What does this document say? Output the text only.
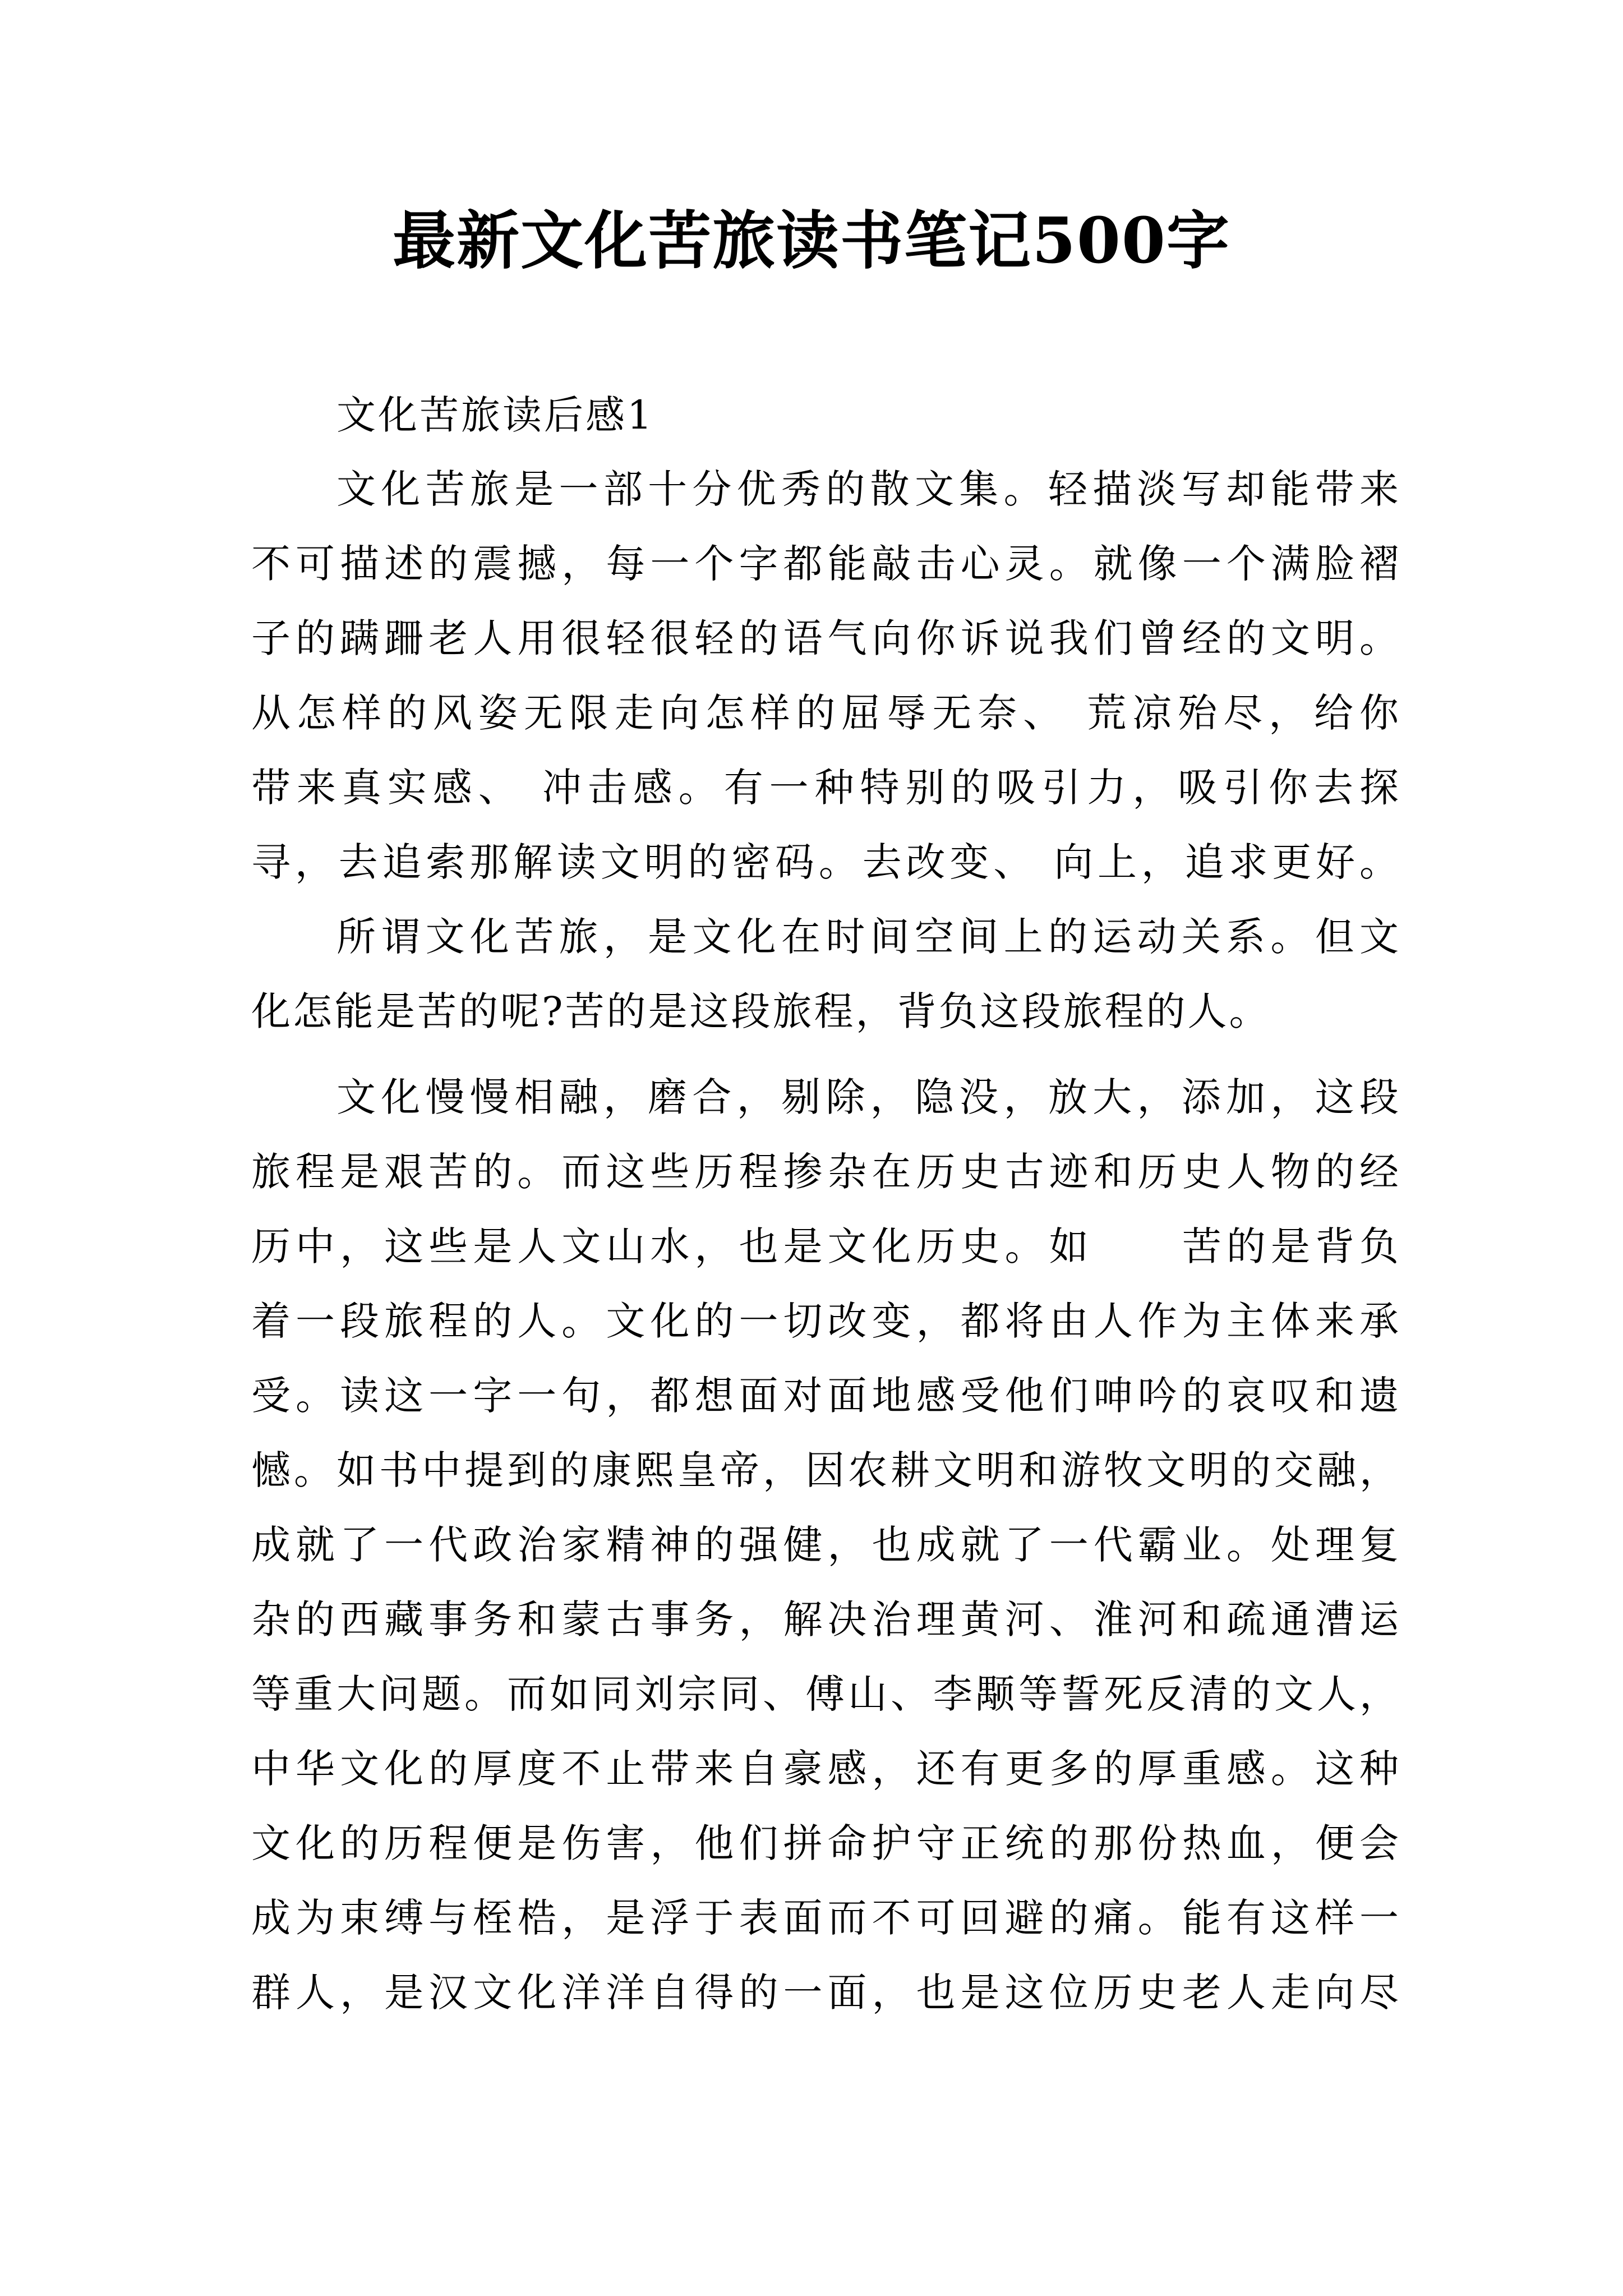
最新文化苦旅读书笔记500字
文化苦旅读后感1
文化苦旅是一部十分优秀的散文集。轻描淡写却能带来
不可描述的震撼，每一个字都能敲击心灵。就像一个满脸褶
子的蹒跚老人用很轻很轻的语气向你诉说我们曾经的文明。
从怎样的风姿无限走向怎样的屈辱无奈、 荒凉殆尽，给你
带来真实感、 冲击感。有一种特别的吸引力，吸引你去探
寻，去追索那解读文明的密码。去改变、 向上，追求更好。
所谓文化苦旅，是文化在时间空间上的运动关系。但文
化怎能是苦的呢?苦的是这段旅程，背负这段旅程的人。
文化慢慢相融，磨合，剔除，隐没，放大，添加，这段
旅程是艰苦的。而这些历程掺杂在历史古迹和历史人物的经
历中，这些是人文山水，也是文化历史。如　　苦的是背负
着一段旅程的人。文化的一切改变，都将由人作为主体来承
受。读这一字一句，都想面对面地感受他们呻吟的哀叹和遗
憾。如书中提到的康熙皇帝，因农耕文明和游牧文明的交融，
成就了一代政治家精神的强健，也成就了一代霸业。处理复
杂的西藏事务和蒙古事务，解决治理黄河、淮河和疏通漕运
等重大问题。而如同刘宗同、傅山、李颙等誓死反清的文人，
中华文化的厚度不止带来自豪感，还有更多的厚重感。这种
文化的历程便是伤害，他们拼命护守正统的那份热血，便会
成为束缚与桎梏，是浮于表面而不可回避的痛。能有这样一
群人，是汉文化洋洋自得的一面，也是这位历史老人走向尽
